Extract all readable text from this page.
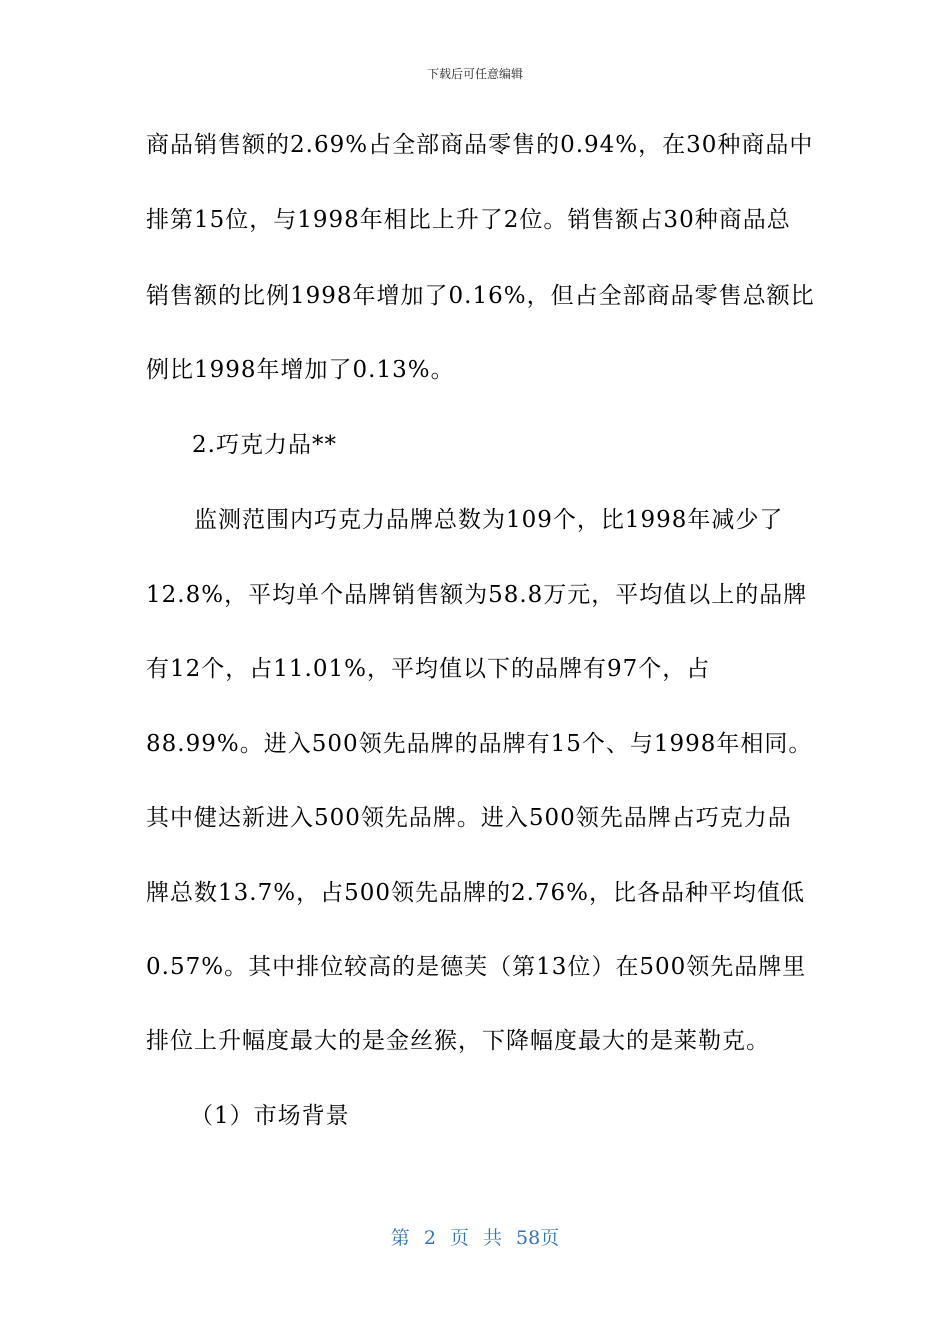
下载后可任意编辑
商品销售额的2.69%占全部商品零售的0.94%，在30种商品中
排第15位，与1998年相比上升了2位。销售额占30种商品总
销售额的比例1998年增加了0.16%，但占全部商品零售总额比
例比1998年增加了0.13%。
2.巧克力品**
监测范围内巧克力品牌总数为109个，比1998年减少了
12.8%，平均单个品牌销售额为58.8万元，平均值以上的品牌
有12个，占11.01%，平均值以下的品牌有97个，占
88.99%。进入500领先品牌的品牌有15个、与1998年相同。
其中健达新进入500领先品牌。进入500领先品牌占巧克力品
牌总数13.7%，占500领先品牌的2.76%，比各品种平均值低
0.57%。其中排位较高的是德芙（第13位）在500领先品牌里
排位上升幅度最大的是金丝猴，下降幅度最大的是莱勒克。
（1）市场背景
第 2 页 共 58页
